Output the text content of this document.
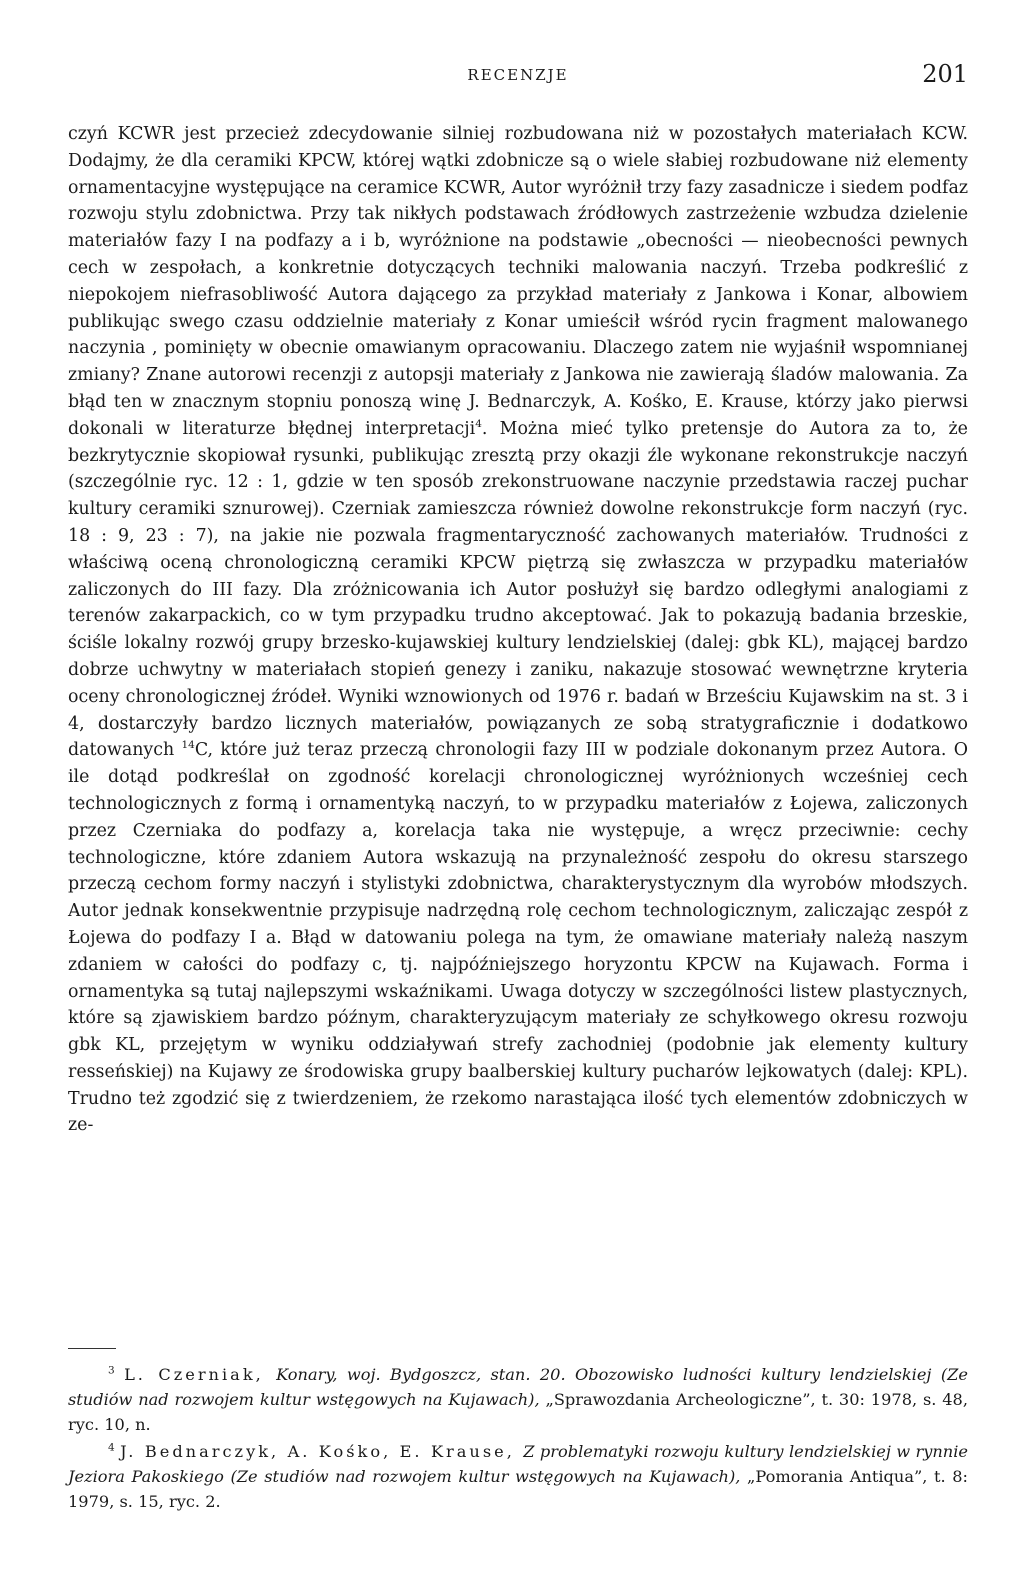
RECENZJE	201

czyń KCWR jest przecież zdecydowanie silniej rozbudowana niż w pozostałych materiałach KCW. Dodajmy, że dla ceramiki KPCW, której wątki zdobnicze są o wiele słabiej rozbudowane niż elementy ornamentacyjne występujące na ceramice KCWR, Autor wyróżnił trzy fazy zasadnicze i siedem podfaz rozwoju stylu zdobnictwa. Przy tak nikłych podstawach źródłowych zastrzeżenie wzbudza dzielenie materiałów fazy I na podfazy a i b, wyróżnione na podstawie „obecności — nieobecności pewnych cech w zespołach, a konkretnie dotyczących techniki malowania naczyń. Trzeba podkreślić z niepokojem niefrasobliwość Autora dającego za przykład materiały z Jankowa i Konar, albowiem publikując swego czasu oddzielnie materiały z Konar umieścił wśród rycin fragment malowanego naczynia , pominięty w obecnie omawianym opracowaniu. Dlaczego zatem nie wyjaśnił wspomnianej zmiany? Znane autorowi recenzji z autopsji materiały z Jankowa nie zawierają śladów malowania. Za błąd ten w znacznym stopniu ponoszą winę J. Bednarczyk, A. Kośko, E. Krause, którzy jako pierwsi dokonali w literaturze błędnej interpretacji$^4$. Można mieć tylko pretensje do Autora za to, że bezkrytycznie skopiował rysunki, publikując zresztą przy okazji źle wykonane rekonstrukcje naczyń (szczególnie ryc. 12 : 1, gdzie w ten sposób zrekonstruowane naczynie przedstawia raczej puchar kultury ceramiki sznurowej). Czerniak zamieszcza również dowolne rekonstrukcje form naczyń (ryc. 18 : 9, 23 : 7), na jakie nie pozwala fragmentaryczność zachowanych materiałów. Trudności z właściwą oceną chronologiczną ceramiki KPCW piętrzą się zwłaszcza w przypadku materiałów zaliczonych do III fazy. Dla zróżnicowania ich Autor posłużył się bardzo odległymi analogiami z terenów zakarpackich, co w tym przypadku trudno akceptować. Jak to pokazują badania brzeskie, ściśle lokalny rozwój grupy brzesko-kujawskiej kultury lendzielskiej (dalej: gbk KL), mającej bardzo dobrze uchwytny w materiałach stopień genezy i zaniku, nakazuje stosować wewnętrzne kryteria oceny chronologicznej źródeł. Wyniki wznowionych od 1976 r. badań w Brześciu Kujawskim na st. 3 i 4, dostarczyły bardzo licznych materiałów, powiązanych ze sobą stratygraficznie i dodatkowo datowanych $^{14}$C, które już teraz przeczą chronologii fazy III w podziale dokonanym przez Autora. O ile dotąd podkreślał on zgodność korelacji chronologicznej wyróżnionych wcześniej cech technologicznych z formą i ornamentyką naczyń, to w przypadku materiałów z Łojewa, zaliczonych przez Czerniaka do podfazy a, korelacja taka nie występuje, a wręcz przeciwnie: cechy technologiczne, które zdaniem Autora wskazują na przynależność zespołu do okresu starszego przeczą cechom formy naczyń i stylistyki zdobnictwa, charakterystycznym dla wyrobów młodszych. Autor jednak konsekwentnie przypisuje nadrzędną rolę cechom technologicznym, zaliczając zespół z Łojewa do podfazy I a. Błąd w datowaniu polega na tym, że omawiane materiały należą naszym zdaniem w całości do podfazy c, tj. najpóźniejszego horyzontu KPCW na Kujawach. Forma i ornamentyka są tutaj najlepszymi wskaźnikami. Uwaga dotyczy w szczególności listew plastycznych, które są zjawiskiem bardzo późnym, charakteryzującym materiały ze schyłkowego okresu rozwoju gbk KL, przejętym w wyniku oddziaływań strefy zachodniej (podobnie jak elementy kultury resseńskiej) na Kujawy ze środowiska grupy baalberskiej kultury pucharów lejkowatych (dalej: KPL). Trudno też zgodzić się z twierdzeniem, że rzekomo narastająca ilość tych elementów zdobniczych w ze-

$^3$ L. Czerniak, Konary, woj. Bydgoszcz, stan. 20. Obozowisko ludności kultury lendzielskiej (Ze studiów nad rozwojem kultur wstęgowych na Kujawach), „Sprawozdania Archeologiczne”, t. 30: 1978, s. 48, ryc. 10, n.

$^4$ J. Bednarczyk, A. Kośko, E. Krause, Z problematyki rozwoju kultury lendzielskiej w rynnie Jeziora Pakoskiego (Ze studiów nad rozwojem kultur wstęgowych na Kujawach), „Pomorania Antiqua”, t. 8: 1979, s. 15, ryc. 2.
